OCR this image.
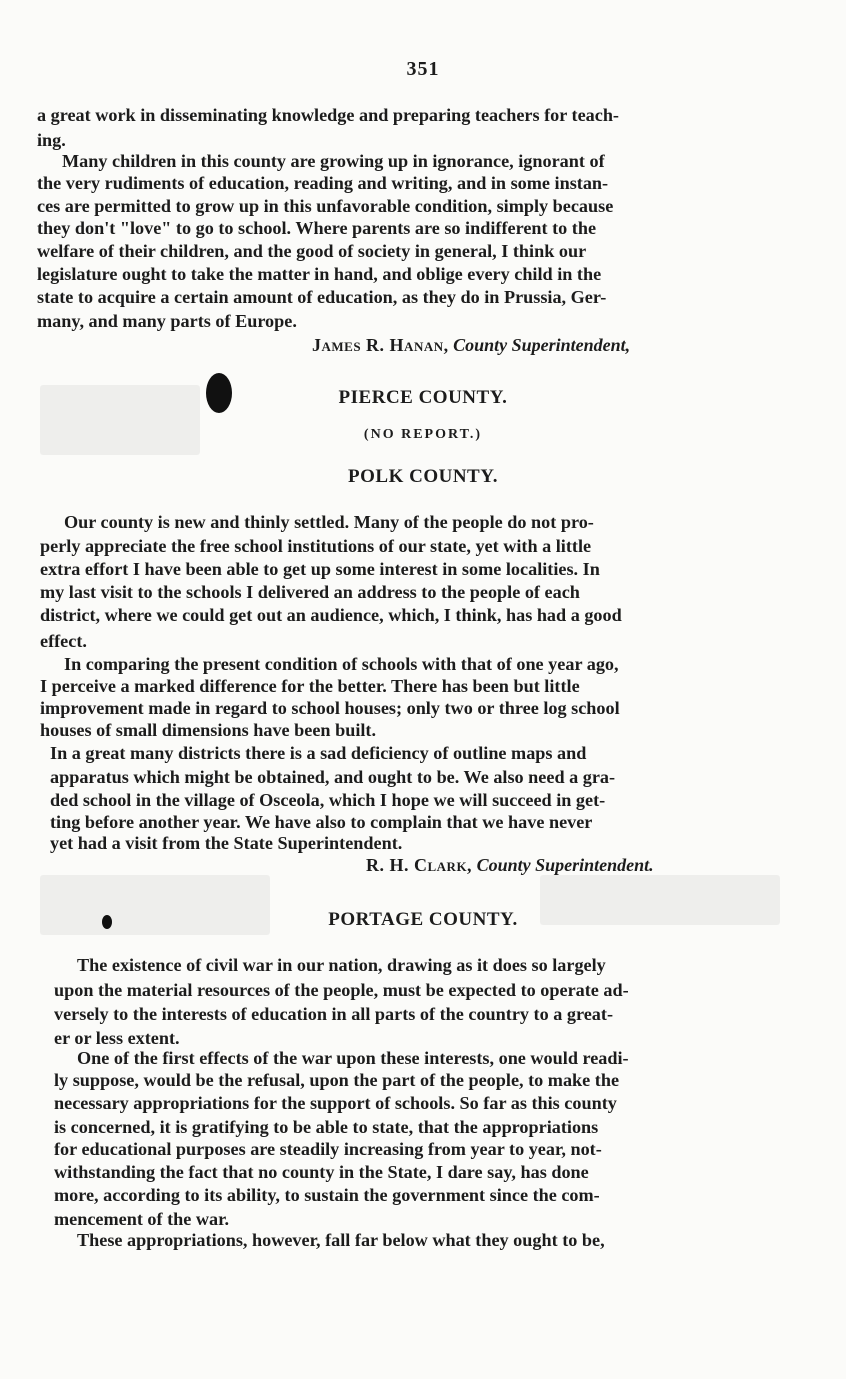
351
a great work in disseminating knowledge and preparing teachers for teach-
ing.
Many children in this county are growing up in ignorance, ignorant of
the very rudiments of education, reading and writing, and in some instan-
ces are permitted to grow up in this unfavorable condition, simply because
they don't "love" to go to school. Where parents are so indifferent to the
welfare of their children, and the good of society in general, I think our
legislature ought to take the matter in hand, and oblige every child in the
state to acquire a certain amount of education, as they do in Prussia, Ger-
many, and many parts of Europe.
James R. Hanan, County Superintendent,
PIERCE COUNTY.
(NO REPORT.)
POLK COUNTY.
Our county is new and thinly settled. Many of the people do not pro-
perly appreciate the free school institutions of our state, yet with a little
extra effort I have been able to get up some interest in some localities. In
my last visit to the schools I delivered an address to the people of each
district, where we could get out an audience, which, I think, has had a good
effect.
In comparing the present condition of schools with that of one year ago,
I perceive a marked difference for the better. There has been but little
improvement made in regard to school houses; only two or three log school
houses of small dimensions have been built.
In a great many districts there is a sad deficiency of outline maps and
apparatus which might be obtained, and ought to be. We also need a gra-
ded school in the village of Osceola, which I hope we will succeed in get-
ting before another year. We have also to complain that we have never
yet had a visit from the State Superintendent.
R. H. Clark, County Superintendent.
PORTAGE COUNTY.
The existence of civil war in our nation, drawing as it does so largely
upon the material resources of the people, must be expected to operate ad-
versely to the interests of education in all parts of the country to a great-
er or less extent.
One of the first effects of the war upon these interests, one would readi-
ly suppose, would be the refusal, upon the part of the people, to make the
necessary appropriations for the support of schools. So far as this county
is concerned, it is gratifying to be able to state, that the appropriations
for educational purposes are steadily increasing from year to year, not-
withstanding the fact that no county in the State, I dare say, has done
more, according to its ability, to sustain the government since the com-
mencement of the war.
These appropriations, however, fall far below what they ought to be,
